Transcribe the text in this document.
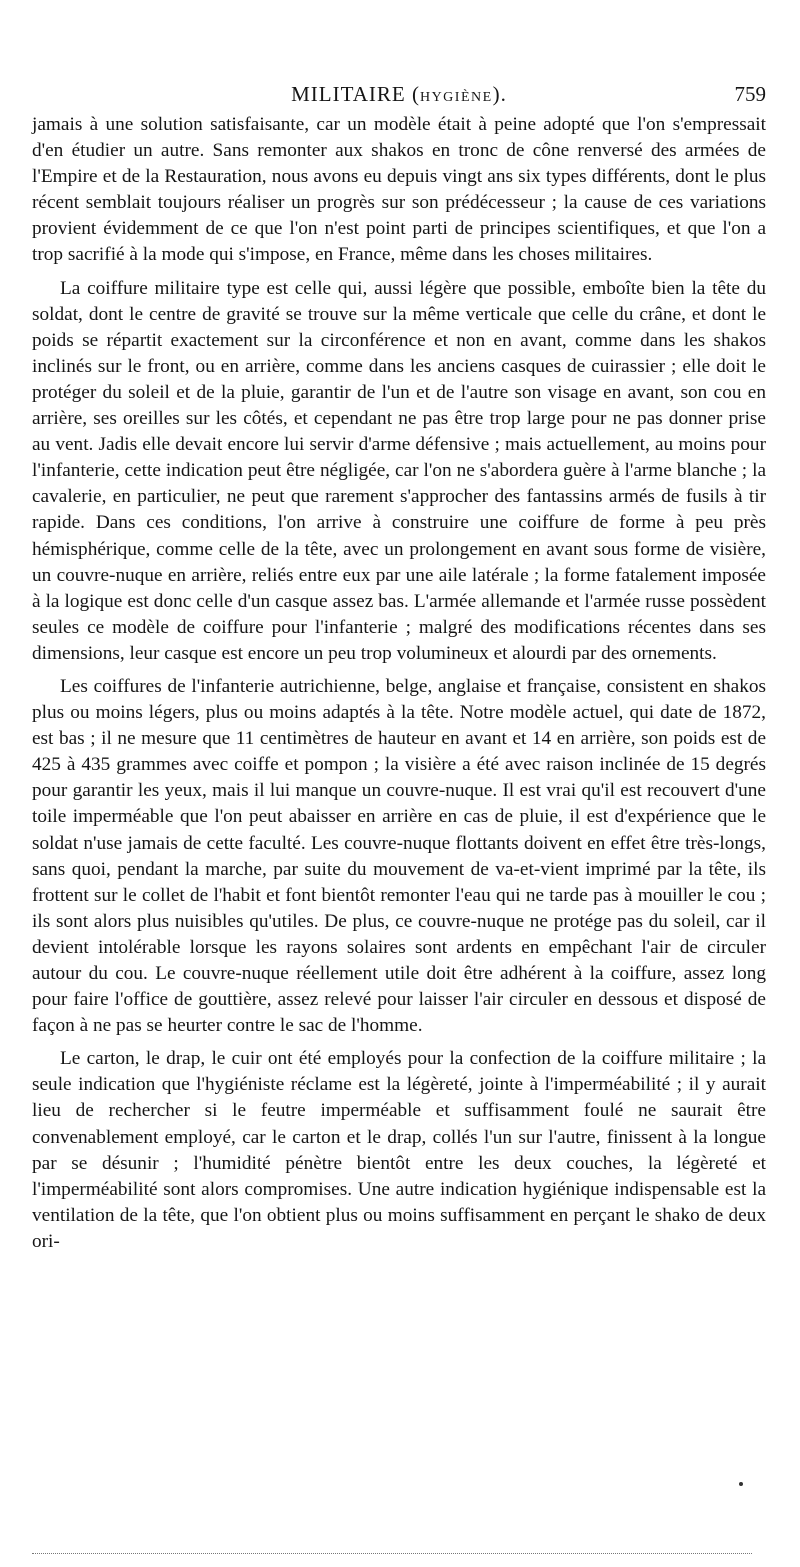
MILITAIRE (HYGIÈNE).	759

jamais à une solution satisfaisante, car un modèle était à peine adopté que l'on s'empressait d'en étudier un autre. Sans remonter aux shakos en tronc de cône renversé des armées de l'Empire et de la Restauration, nous avons eu depuis vingt ans six types différents, dont le plus récent semblait toujours réaliser un progrès sur son prédécesseur ; la cause de ces variations provient évidemment de ce que l'on n'est point parti de principes scientifiques, et que l'on a trop sacrifié à la mode qui s'impose, en France, même dans les choses militaires.

La coiffure militaire type est celle qui, aussi légère que possible, emboîte bien la tête du soldat, dont le centre de gravité se trouve sur la même verticale que celle du crâne, et dont le poids se répartit exactement sur la circonférence et non en avant, comme dans les shakos inclinés sur le front, ou en arrière, comme dans les anciens casques de cuirassier ; elle doit le protéger du soleil et de la pluie, garantir de l'un et de l'autre son visage en avant, son cou en arrière, ses oreilles sur les côtés, et cependant ne pas être trop large pour ne pas donner prise au vent. Jadis elle devait encore lui servir d'arme défensive ; mais actuellement, au moins pour l'infanterie, cette indication peut être négligée, car l'on ne s'abordera guère à l'arme blanche ; la cavalerie, en particulier, ne peut que rarement s'approcher des fantassins armés de fusils à tir rapide. Dans ces conditions, l'on arrive à construire une coiffure de forme à peu près hémisphérique, comme celle de la tête, avec un prolongement en avant sous forme de visière, un couvre-nuque en arrière, reliés entre eux par une aile latérale ; la forme fatalement imposée à la logique est donc celle d'un casque assez bas. L'armée allemande et l'armée russe possèdent seules ce modèle de coiffure pour l'infanterie ; malgré des modifications récentes dans ses dimensions, leur casque est encore un peu trop volumineux et alourdi par des ornements.

Les coiffures de l'infanterie autrichienne, belge, anglaise et française, consistent en shakos plus ou moins légers, plus ou moins adaptés à la tête. Notre modèle actuel, qui date de 1872, est bas ; il ne mesure que 11 centimètres de hauteur en avant et 14 en arrière, son poids est de 425 à 435 grammes avec coiffe et pompon ; la visière a été avec raison inclinée de 15 degrés pour garantir les yeux, mais il lui manque un couvre-nuque. Il est vrai qu'il est recouvert d'une toile imperméable que l'on peut abaisser en arrière en cas de pluie, il est d'expérience que le soldat n'use jamais de cette faculté. Les couvre-nuque flottants doivent en effet être très-longs, sans quoi, pendant la marche, par suite du mouvement de va-et-vient imprimé par la tête, ils frottent sur le collet de l'habit et font bientôt remonter l'eau qui ne tarde pas à mouiller le cou ; ils sont alors plus nuisibles qu'utiles. De plus, ce couvre-nuque ne protége pas du soleil, car il devient intolérable lorsque les rayons solaires sont ardents en empêchant l'air de circuler autour du cou. Le couvre-nuque réellement utile doit être adhérent à la coiffure, assez long pour faire l'office de gouttière, assez relevé pour laisser l'air circuler en dessous et disposé de façon à ne pas se heurter contre le sac de l'homme.

Le carton, le drap, le cuir ont été employés pour la confection de la coiffure militaire ; la seule indication que l'hygiéniste réclame est la légèreté, jointe à l'imperméabilité ; il y aurait lieu de rechercher si le feutre imperméable et suffisamment foulé ne saurait être convenablement employé, car le carton et le drap, collés l'un sur l'autre, finissent à la longue par se désunir ; l'humidité pénètre bientôt entre les deux couches, la légèreté et l'imperméabilité sont alors compromises. Une autre indication hygiénique indispensable est la ventilation de la tête, que l'on obtient plus ou moins suffisamment en perçant le shako de deux ori-
